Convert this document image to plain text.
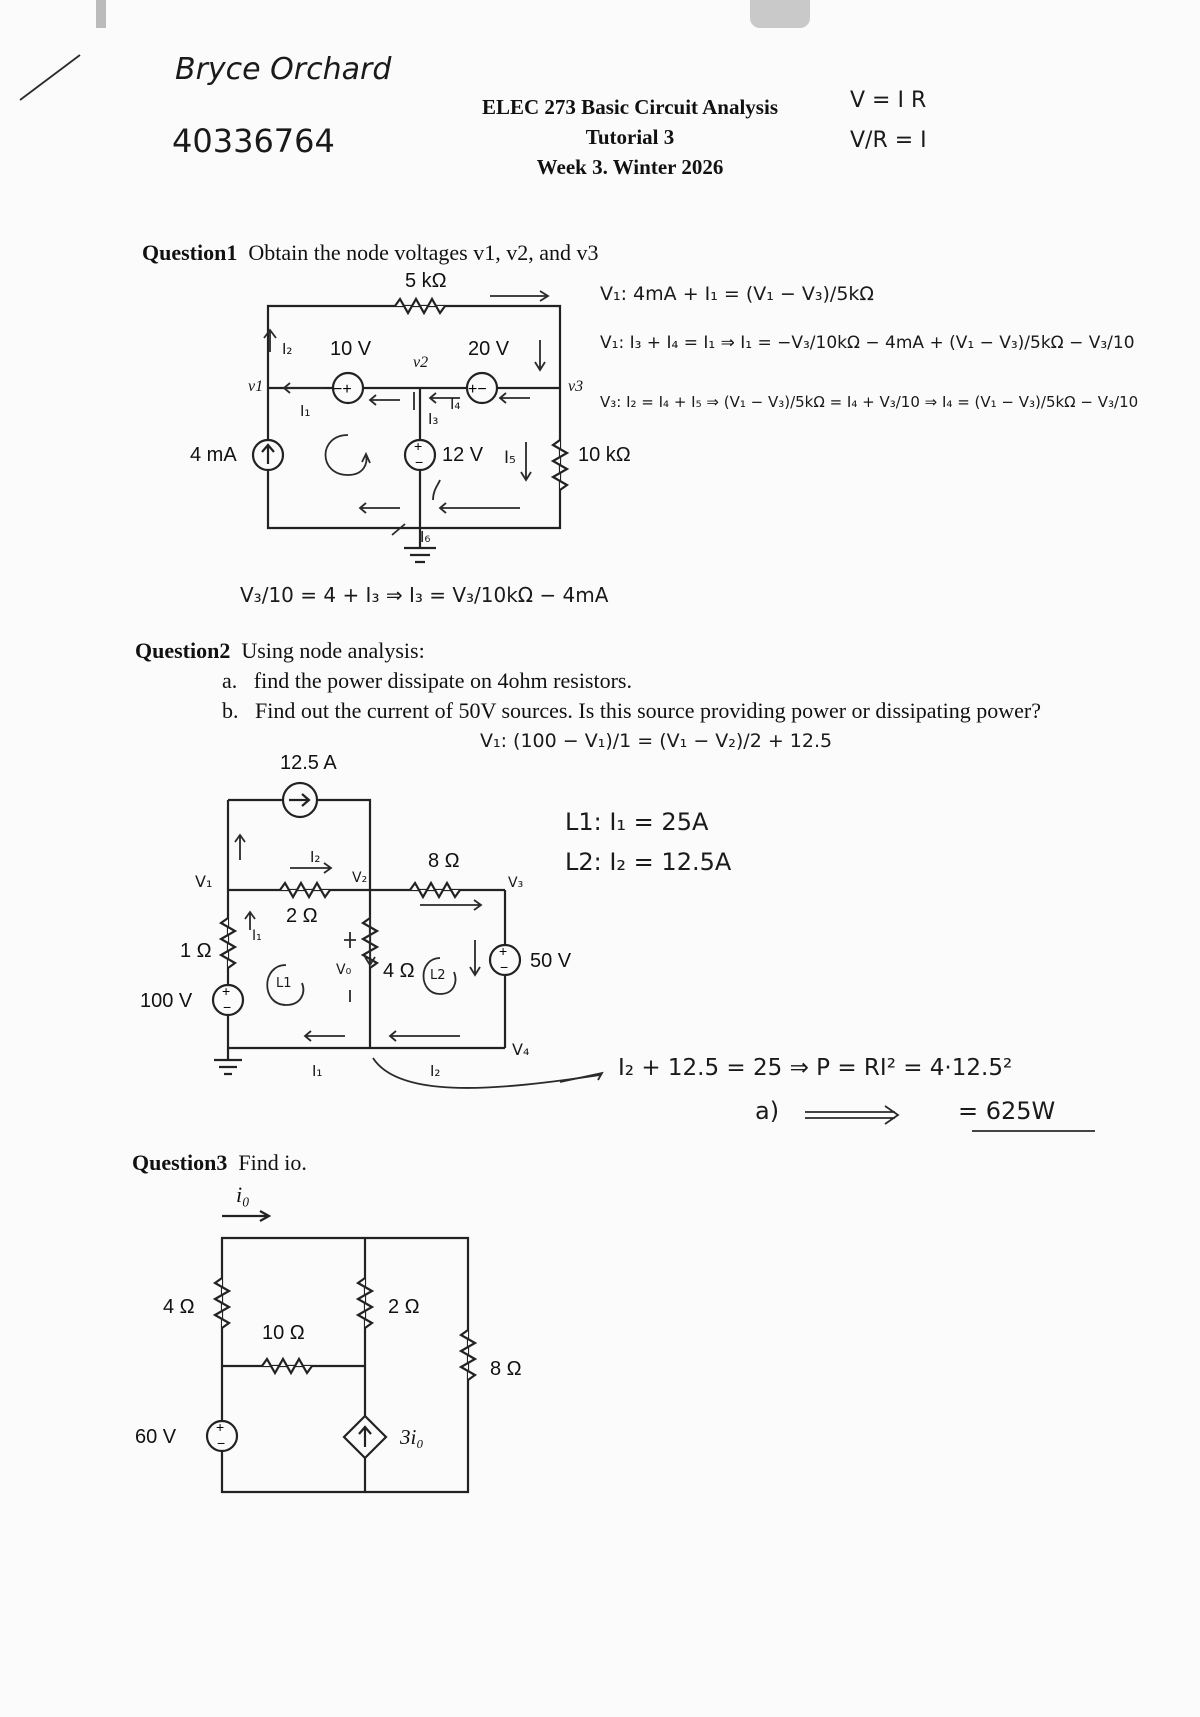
Bryce Orchard
40336764
ELEC 273 Basic Circuit Analysis
Tutorial 3
Week 3. Winter 2026
V = I R
V/R = I
Question1 Obtain the node voltages v1, v2, and v3
−+	+−
+
−
5 kΩ
10 V	20 V
4 mA	12 V	10 kΩ
v1
v2
v3
I₂
I₁	I₃
I₄
I₅
I₆
V₁: 4mA + I₁ = (V₁ − V₃)/5kΩ
V₁: I₃ + I₄ = I₁ ⇒ I₁ = −V₃/10kΩ − 4mA + (V₁ − V₃)/5kΩ − V₃/10
V₃: I₂ = I₄ + I₅ ⇒ (V₁ − V₃)/5kΩ = I₄ + V₃/10 ⇒ I₄ = (V₁ − V₃)/5kΩ − V₃/10
V₃/10 = 4 + I₃ ⇒ I₃ = V₃/10kΩ − 4mA
Question2 Using node analysis:
a. find the power dissipate on 4ohm resistors.
b. Find out the current of 50V sources. Is this source providing power or dissipating power?
V₁: (100 − V₁)/1 = (V₁ − V₂)/2 + 12.5
+
−
+
−
12.5 A
8 Ω
2 Ω
1 Ω
4 Ω
100 V
50 V
V₁	V₂	V₃
V₄
V₀
L1
L2
I₂
I₁
I₁	I₂
L1: I₁ = 25A
L2: I₂ = 12.5A
I₂ + 12.5 = 25 ⇒ P = RI² = 4·12.5²
a)	= 625W
Question3 Find io.
+
−
i₀
4 Ω	2 Ω
10 Ω
8 Ω
60 V	3i₀
